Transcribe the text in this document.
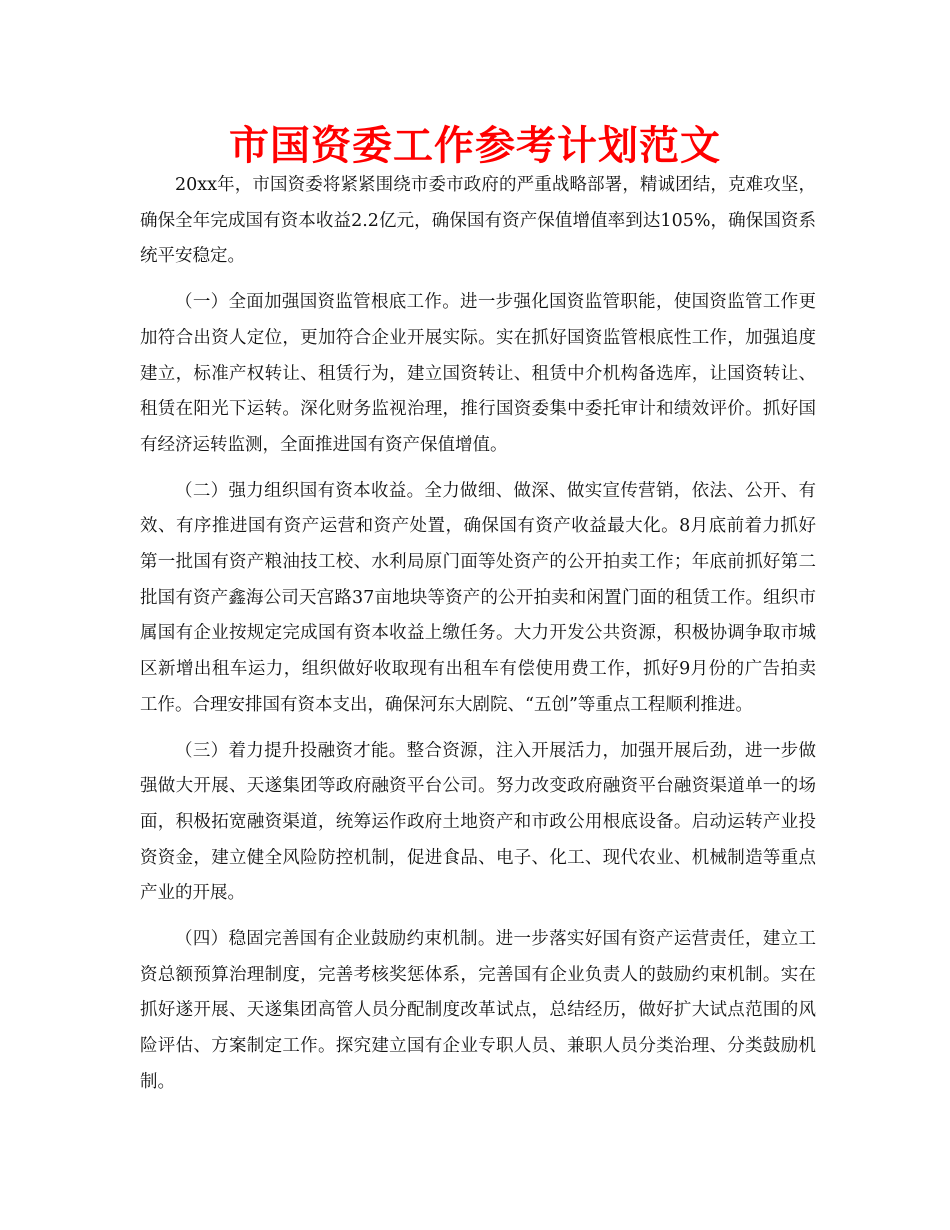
市国资委工作参考计划范文

20xx年，市国资委将紧紧围绕市委市政府的严重战略部署，精诚团结，克难攻坚，确保全年完成国有资本收益2.2亿元，确保国有资产保值增值率到达105%，确保国资系统平安稳定。

（一）全面加强国资监管根底工作。进一步强化国资监管职能，使国资监管工作更加符合出资人定位，更加符合企业开展实际。实在抓好国资监管根底性工作，加强追度建立，标准产权转让、租赁行为，建立国资转让、租赁中介机构备选库，让国资转让、租赁在阳光下运转。深化财务监视治理，推行国资委集中委托审计和绩效评价。抓好国有经济运转监测，全面推进国有资产保值增值。

（二）强力组织国有资本收益。全力做细、做深、做实宣传营销，依法、公开、有效、有序推进国有资产运营和资产处置，确保国有资产收益最大化。8月底前着力抓好第一批国有资产粮油技工校、水利局原门面等处资产的公开拍卖工作；年底前抓好第二批国有资产鑫海公司天宫路37亩地块等资产的公开拍卖和闲置门面的租赁工作。组织市属国有企业按规定完成国有资本收益上缴任务。大力开发公共资源，积极协调争取市城区新增出租车运力，组织做好收取现有出租车有偿使用费工作，抓好9月份的广告拍卖工作。合理安排国有资本支出，确保河东大剧院、“五创”等重点工程顺利推进。

（三）着力提升投融资才能。整合资源，注入开展活力，加强开展后劲，进一步做强做大开展、天遂集团等政府融资平台公司。努力改变政府融资平台融资渠道单一的场面，积极拓宽融资渠道，统筹运作政府土地资产和市政公用根底设备。启动运转产业投资资金，建立健全风险防控机制，促进食品、电子、化工、现代农业、机械制造等重点产业的开展。

（四）稳固完善国有企业鼓励约束机制。进一步落实好国有资产运营责任，建立工资总额预算治理制度，完善考核奖惩体系，完善国有企业负责人的鼓励约束机制。实在抓好遂开展、天遂集团高管人员分配制度改革试点，总结经历，做好扩大试点范围的风险评估、方案制定工作。探究建立国有企业专职人员、兼职人员分类治理、分类鼓励机制。
